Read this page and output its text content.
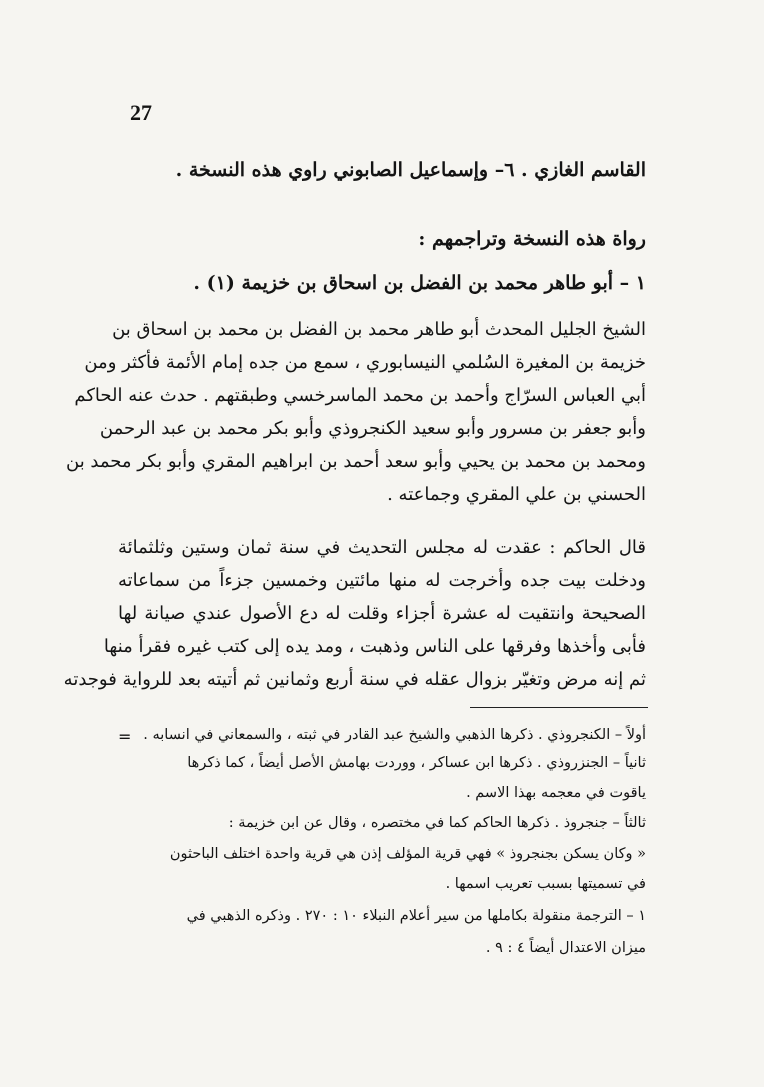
27
القاسم الغازي . ٦– وإسماعيل الصابوني راوي هذه النسخة .
رواة هذه النسخة وتراجمهم :
١ – أبو طاهر محمد بن الفضل بن اسحاق بن خزيمة (١) .
الشيخ الجليل المحدث أبو طاهر محمد بن الفضل بن محمد بن اسحاق بن
خزيمة بن المغيرة السُلمي النيسابوري ، سمع من جده إمام الأئمة فأكثر ومن
أبي العباس السرّاج وأحمد بن محمد الماسرخسي وطبقتهم . حدث عنه الحاكم
وأبو جعفر بن مسرور وأبو سعيد الكنجروذي وأبو بكر محمد بن عبد الرحمن
ومحمد بن محمد بن يحيي وأبو سعد أحمد بن ابراهيم المقري وأبو بكر محمد بن
الحسني بن علي المقري وجماعته .
قال الحاكم : عقدت له مجلس التحديث في سنة ثمان وستين وثلثمائة
ودخلت بيت جده وأخرجت له منها مائتين وخمسين جزءاً من سماعاته
الصحيحة وانتقيت له عشرة أجزاء وقلت له دع الأصول عندي صيانة لها
فأبى وأخذها وفرقها على الناس وذهبت ، ومد يده إلى كتب غيره فقرأ منها
ثم إنه مرض وتغيّر بزوال عقله في سنة أربع وثمانين ثم أتيته بعد للرواية فوجدته
= أولاً – الكنجروذي . ذكرها الذهبي والشيخ عبد القادر في ثبته ، والسمعاني في انسابه .
ثانياً – الجنزروذي . ذكرها ابن عساكر ، ووردت بهامش الأصل أيضاً ، كما ذكرها
ياقوت في معجمه بهذا الاسم .
ثالثاً – جنجروذ . ذكرها الحاكم كما في مختصره ، وقال عن ابن خزيمة :
« وكان يسكن بجنجروذ » فهي قرية المؤلف إذن هي قرية واحدة اختلف الباحثون
في تسميتها بسبب تعريب اسمها .
١ – الترجمة منقولة بكاملها من سير أعلام النبلاء ١٠ : ٢٧٠ . وذكره الذهبي في
ميزان الاعتدال أيضاً ٤ : ٩ .
